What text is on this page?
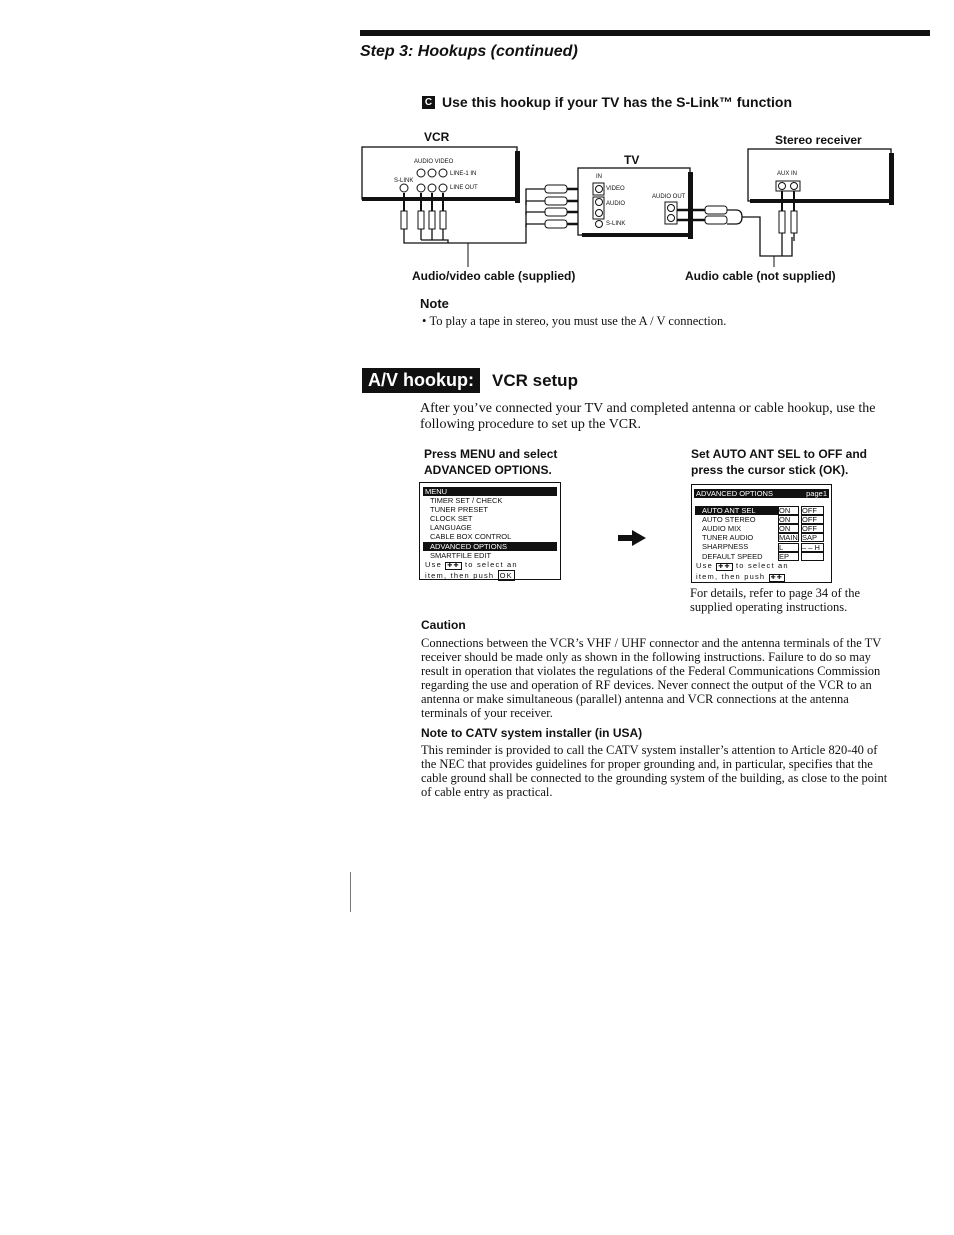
Step 3: Hookups (continued)
C Use this hookup if your TV has the S-Link™ function
VCR
TV
Stereo receiver
AUDIO VIDEO
LINE-1 IN
S-LINK
LINE OUT
IN
VIDEO
AUDIO
S-LINK
AUDIO OUT
AUX IN
Audio/video cable (supplied)	Audio cable (not supplied)
Note
• To play a tape in stereo, you must use the A / V connection.
A/V hookup:	VCR setup
After you’ve connected your TV and completed antenna or cable hookup, use the following procedure to set up the VCR.
Press MENU and select ADVANCED OPTIONS.
MENU
TIMER SET / CHECK
TUNER PRESET
CLOCK SET
LANGUAGE
CABLE BOX CONTROL
ADVANCED OPTIONS
SMARTFILE EDIT
Use ✚✚ to select an
item, then push OK
Set AUTO ANT SEL to OFF and press the cursor stick (OK).
ADVANCED OPTIONS	page1
AUTO ANT SEL	ON	OFF
AUTO STEREO	ON	OFF
AUDIO MIX	ON	OFF
TUNER AUDIO	MAIN SAP
SHARPNESS	L	– – H
DEFAULT SPEED	EP
Use ✚✚ to select an
item, then push ✚✚
For details, refer to page 34 of the supplied operating instructions.
Caution
Connections between the VCR’s VHF / UHF connector and the antenna terminals of the TV receiver should be made only as shown in the following instructions. Failure to do so may result in operation that violates the regulations of the Federal Communications Commission regarding the use and operation of RF devices. Never connect the output of the VCR to an antenna or make simultaneous (parallel) antenna and VCR connections at the antenna terminals of your receiver.
Note to CATV system installer (in USA)
This reminder is provided to call the CATV system installer’s attention to Article 820-40 of the NEC that provides guidelines for proper grounding and, in particular, specifies that the cable ground shall be connected to the grounding system of the building, as close to the point of cable entry as practical.
